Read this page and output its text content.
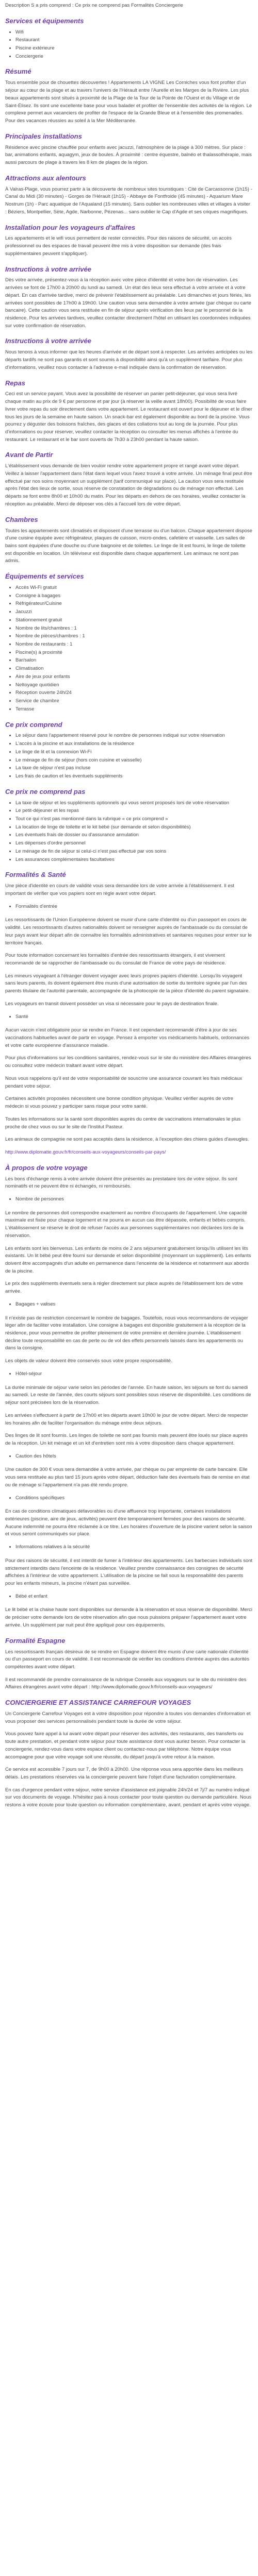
Description S a pris comprend : Ce prix ne comprend pas Formalités Conciergerie

Services et équipements
• Wifi
• Restaurant
• Piscine extérieure
• Conciergerie
Résumé

Tous ensemble pour de chouettes découvertes ! Appartements LA VIGNE Les Corniches vous font profiter d'un séjour au cœur de la plage et au travers l'univers de l'Hérault entre l'Aurelle et les Marges de la Rivière. Les plus beaux appartements sont situés à proximité de la Plage de la Tour de la Pointe de l'Ouest et du Village et de Saint-Élisez. Ils sont une excellente base pour vous balader et profiter de l'ensemble des activités de la région. Le complexe permet aux vacanciers de profiter de l'espace de la Grande Bleue et à l'ensemble des promenades. Pour des vacances réussies au soleil à la Mer Méditerranée.

Principales installations

Résidence avec piscine chauffée pour enfants avec jacuzzi, l'atmosphère de la plage à 300 mètres. Sur place : bar, animations enfants, aquagym, jeux de boules. À proximité : centre équestre, balnéo et thalassothérapie, mais aussi parcours de plage à travers les 8 km de plages de la région.

Attractions aux alentours

À Valras-Plage, vous pourrez partir à la découverte de nombreux sites touristiques : Cité de Carcassonne (1h15) - Canal du Midi (30 minutes) - Gorges de l'Hérault (1h15) - Abbaye de Fontfroide (45 minutes) - Aquarium Mare Nostrum (1h) - Parc aquatique de l'Aqualand (15 minutes). Sans oublier les nombreuses villes et villages à visiter : Béziers, Montpellier, Sète, Agde, Narbonne, Pézenas... sans oublier le Cap d'Agde et ses criques magnifiques.

Installation pour les voyageurs d'affaires

Les appartements et le wifi vous permettent de rester connectés. Pour des raisons de sécurité, un accès professionnel ou des espaces de travail peuvent être mis à votre disposition sur demande (des frais supplémentaires peuvent s'appliquer).

Instructions à votre arrivée

Dès votre arrivée, présentez-vous à la réception avec votre pièce d'identité et votre bon de réservation. Les arrivées se font de 17h00 à 20h00 du lundi au samedi. Un état des lieux sera effectué à votre arrivée et à votre départ. En cas d'arrivée tardive, merci de prévenir l'établissement au préalable. Les dimanches et jours fériés, les arrivées sont possibles de 17h00 à 19h00. Une caution vous sera demandée à votre arrivée (par chèque ou carte bancaire). Cette caution vous sera restituée en fin de séjour après vérification des lieux par le personnel de la résidence. Pour les arrivées tardives, veuillez contacter directement l'hôtel en utilisant les coordonnées indiquées sur votre confirmation de réservation.

Instructions à votre arrivée

Nous tenons à vous informer que les heures d'arrivée et de départ sont à respecter. Les arrivées anticipées ou les départs tardifs ne sont pas garantis et sont soumis à disponibilité ainsi qu'à un supplément tarifaire. Pour plus d'informations, veuillez nous contacter à l'adresse e-mail indiquée dans la confirmation de réservation.

Repas

Ceci est un service payant. Vous avez la possibilité de réserver un panier petit-déjeuner, qui vous sera livré chaque matin au prix de 9 € par personne et par jour (à réserver la veille avant 18h00). Possibilité de vous faire livrer votre repas du soir directement dans votre appartement. Le restaurant est ouvert pour le déjeuner et le dîner tous les jours de la semaine en haute saison. Un snack-bar est également disponible au bord de la piscine. Vous pourrez y déguster des boissons fraîches, des glaces et des collations tout au long de la journée. Pour plus d'informations ou pour réserver, veuillez contacter la réception ou consulter les menus affichés à l'entrée du restaurant. Le restaurant et le bar sont ouverts de 7h30 à 23h00 pendant la haute saison.

Avant de Partir

L'établissement vous demande de bien vouloir rendre votre appartement propre et rangé avant votre départ. Veillez à laisser l'appartement dans l'état dans lequel vous l'avez trouvé à votre arrivée. Un ménage final peut être effectué par nos soins moyennant un supplément (tarif communiqué sur place). La caution vous sera restituée après l'état des lieux de sortie, sous réserve de constatation de dégradations ou de ménage non effectué. Les départs se font entre 8h00 et 10h00 du matin. Pour les départs en dehors de ces horaires, veuillez contacter la réception au préalable. Merci de déposer vos clés à l'accueil lors de votre départ.

Chambres

Toutes les appartements sont climatisés et disposent d'une terrasse ou d'un balcon. Chaque appartement dispose d'une cuisine équipée avec réfrigérateur, plaques de cuisson, micro-ondes, cafetière et vaisselle. Les salles de bains sont équipées d'une douche ou d'une baignoire et de toilettes. Le linge de lit est fourni, le linge de toilette est disponible en location. Un téléviseur est disponible dans chaque appartement. Les animaux ne sont pas admis.

Équipements et services
• Accès Wi-Fi gratuit
• Consigne à bagages
• Réfrigérateur/Cuisine
• Jacuzzi
• Stationnement gratuit
• Nombre de lits/chambres : 1
• Nombre de pièces/chambres : 1
• Nombre de restaurants : 1
• Piscine(s) à proximité
• Bar/salon
• Climatisation
• Aire de jeux pour enfants
• Nettoyage quotidien
• Réception ouverte 24h/24
• Service de chambre
• Terrasse
Ce prix comprend
• Le séjour dans l'appartement réservé pour le nombre de personnes indiqué sur votre réservation
• L'accès à la piscine et aux installations de la résidence
• Le linge de lit et la connexion Wi-Fi
• Le ménage de fin de séjour (hors coin cuisine et vaisselle)
• La taxe de séjour n'est pas incluse
• Les frais de caution et les éventuels suppléments
Ce prix ne comprend pas
• La taxe de séjour et les suppléments optionnels qui vous seront proposés lors de votre réservation
• Le petit-déjeuner et les repas
• Tout ce qui n'est pas mentionné dans la rubrique « ce prix comprend »
• La location de linge de toilette et le kit bébé (sur demande et selon disponibilités)
• Les éventuels frais de dossier ou d'assurance annulation
• Les dépenses d'ordre personnel
• Le ménage de fin de séjour si celui-ci n'est pas effectué par vos soins
• Les assurances complémentaires facultatives
Formalités & Santé

Une pièce d'identité en cours de validité vous sera demandée lors de votre arrivée à l'établissement. Il est important de vérifier que vos papiers sont en règle avant votre départ.

• Formalités d'entrée

Les ressortissants de l'Union Européenne doivent se munir d'une carte d'identité ou d'un passeport en cours de validité. Les ressortissants d'autres nationalités doivent se renseigner auprès de l'ambassade ou du consulat de leur pays avant leur départ afin de connaître les formalités administratives et sanitaires requises pour entrer sur le territoire français.

Pour toute information concernant les formalités d'entrée des ressortissants étrangers, il est vivement recommandé de se rapprocher de l'ambassade ou du consulat de France de votre pays de résidence.

Les mineurs voyageant à l'étranger doivent voyager avec leurs propres papiers d'identité. Lorsqu'ils voyagent sans leurs parents, ils doivent également être munis d'une autorisation de sortie du territoire signée par l'un des parents titulaire de l'autorité parentale, accompagnée de la photocopie de la pièce d'identité du parent signataire.

Les voyageurs en transit doivent posséder un visa si nécessaire pour le pays de destination finale.

• Santé

Aucun vaccin n'est obligatoire pour se rendre en France. Il est cependant recommandé d'être à jour de ses vaccinations habituelles avant de partir en voyage. Pensez à emporter vos médicaments habituels, ordonnances et votre carte européenne d'assurance maladie.

Pour plus d'informations sur les conditions sanitaires, rendez-vous sur le site du ministère des Affaires étrangères ou consultez votre médecin traitant avant votre départ.

Nous vous rappelons qu'il est de votre responsabilité de souscrire une assurance couvrant les frais médicaux pendant votre séjour.

Certaines activités proposées nécessitent une bonne condition physique. Veuillez vérifier auprès de votre médecin si vous pouvez y participer sans risque pour votre santé.

Toutes les informations sur la santé sont disponibles auprès du centre de vaccinations internationales le plus proche de chez vous ou sur le site de l'Institut Pasteur.

Les animaux de compagnie ne sont pas acceptés dans la résidence, à l'exception des chiens guides d'aveugles.

http://www.diplomatie.gouv.fr/fr/conseils-aux-voyageurs/conseils-par-pays/

À propos de votre voyage

Les bons d'échange remis à votre arrivée doivent être présentés au prestataire lors de votre séjour. Ils sont nominatifs et ne peuvent être ni échangés, ni remboursés.

• Nombre de personnes

Le nombre de personnes doit correspondre exactement au nombre d'occupants de l'appartement. Une capacité maximale est fixée pour chaque logement et ne pourra en aucun cas être dépassée, enfants et bébés compris. L'établissement se réserve le droit de refuser l'accès aux personnes supplémentaires non déclarées lors de la réservation.

Les enfants sont les bienvenus. Les enfants de moins de 2 ans séjournent gratuitement lorsqu'ils utilisent les lits existants. Un lit bébé peut être fourni sur demande et selon disponibilité (moyennant un supplément). Les enfants doivent être accompagnés d'un adulte en permanence dans l'enceinte de la résidence et notamment aux abords de la piscine.

Le prix des suppléments éventuels sera à régler directement sur place auprès de l'établissement lors de votre arrivée.

• Bagages + valises

Il n'existe pas de restriction concernant le nombre de bagages. Toutefois, nous vous recommandons de voyager léger afin de faciliter votre installation. Une consigne à bagages est disponible gratuitement à la réception de la résidence, pour vous permettre de profiter pleinement de votre première et dernière journée. L'établissement décline toute responsabilité en cas de perte ou de vol des effets personnels laissés dans les appartements ou dans la consigne.

Les objets de valeur doivent être conservés sous votre propre responsabilité.

• Hôtel-séjour

La durée minimale de séjour varie selon les périodes de l'année. En haute saison, les séjours se font du samedi au samedi. Le reste de l'année, des courts séjours sont possibles sous réserve de disponibilité. Les conditions de séjour sont précisées lors de la réservation.

Les arrivées s'effectuent à partir de 17h00 et les départs avant 10h00 le jour de votre départ. Merci de respecter les horaires afin de faciliter l'organisation du ménage entre deux séjours.

Des linges de lit sont fournis. Les linges de toilette ne sont pas fournis mais peuvent être loués sur place auprès de la réception. Un kit ménage et un kit d'entretien sont mis à votre disposition dans chaque appartement.

• Caution des hôtels

Une caution de 300 € vous sera demandée à votre arrivée, par chèque ou par empreinte de carte bancaire. Elle vous sera restituée au plus tard 15 jours après votre départ, déduction faite des éventuels frais de remise en état ou de ménage si l'appartement n'a pas été rendu propre.

• Conditions spécifiques

En cas de conditions climatiques défavorables ou d'une affluence trop importante, certaines installations extérieures (piscine, aire de jeux, activités) peuvent être temporairement fermées pour des raisons de sécurité. Aucune indemnité ne pourra être réclamée à ce titre. Les horaires d'ouverture de la piscine varient selon la saison et vous seront communiqués sur place.

• Informations relatives à la sécurité

Pour des raisons de sécurité, il est interdit de fumer à l'intérieur des appartements. Les barbecues individuels sont strictement interdits dans l'enceinte de la résidence. Veuillez prendre connaissance des consignes de sécurité affichées à l'intérieur de votre appartement. L'utilisation de la piscine se fait sous la responsabilité des parents pour les enfants mineurs, la piscine n'étant pas surveillée.

• Bébé et enfant

Le lit bébé et la chaise haute sont disponibles sur demande à la réservation et sous réserve de disponibilité. Merci de préciser votre demande lors de votre réservation afin que nous puissions préparer l'appartement avant votre arrivée. Un supplément par nuit peut être appliqué pour ces équipements.

Formalité Espagne

Les ressortissants français désireux de se rendre en Espagne doivent être munis d'une carte nationale d'identité ou d'un passeport en cours de validité. Il est recommandé de vérifier les conditions d'entrée auprès des autorités compétentes avant votre départ.

Il est recommandé de prendre connaissance de la rubrique Conseils aux voyageurs sur le site du ministère des Affaires étrangères avant votre départ : http://www.diplomatie.gouv.fr/fr/conseils-aux-voyageurs/

CONCIERGERIE ET ASSISTANCE CARREFOUR VOYAGES

Un Conciergerie Carrefour Voyages est à votre disposition pour répondre à toutes vos demandes d'information et vous proposer des services personnalisés pendant toute la durée de votre séjour.

Vous pouvez faire appel à lui avant votre départ pour réserver des activités, des restaurants, des transferts ou toute autre prestation, et pendant votre séjour pour toute assistance dont vous auriez besoin. Pour contacter la conciergerie, rendez-vous dans votre espace client ou contactez-nous par téléphone. Notre équipe vous accompagne pour que votre voyage soit une réussite, du départ jusqu'à votre retour à la maison.

Ce service est accessible 7 jours sur 7, de 9h00 à 20h00. Une réponse vous sera apportée dans les meilleurs délais. Les prestations réservées via la conciergerie peuvent faire l'objet d'une facturation complémentaire.

En cas d'urgence pendant votre séjour, notre service d'assistance est joignable 24h/24 et 7j/7 au numéro indiqué sur vos documents de voyage. N'hésitez pas à nous contacter pour toute question ou demande particulière. Nous restons à votre écoute pour toute question ou information complémentaire, avant, pendant et après votre voyage.
